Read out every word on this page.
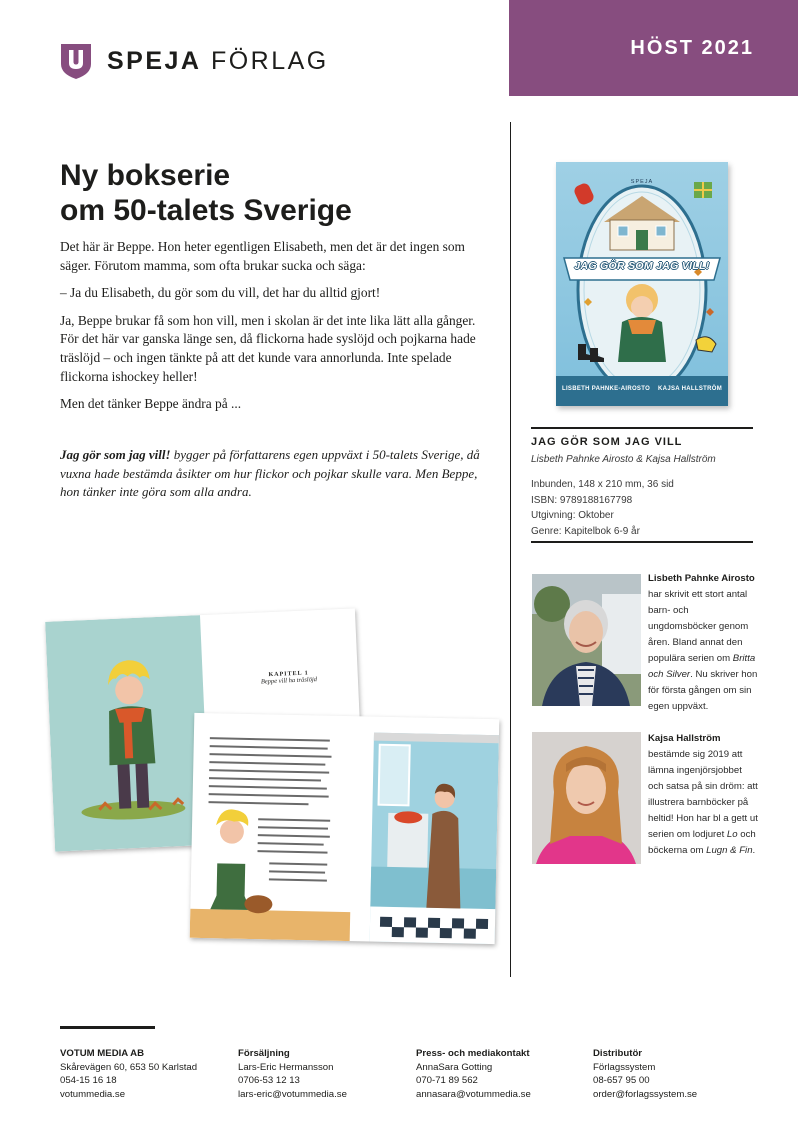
SPEJA FÖRLAG	HÖST 2021
Ny bokserie
om 50-talets Sverige

Det här är Beppe. Hon heter egentligen Elisabeth, men det är det ingen som säger. Förutom mamma, som ofta brukar sucka och säga:

– Ja du Elisabeth, du gör som du vill, det har du alltid gjort!

Ja, Beppe brukar få som hon vill, men i skolan är det inte lika lätt alla gånger. För det här var ganska länge sen, då flickorna hade syslöjd och pojkarna hade träslöjd – och ingen tänkte på att det kunde vara annorlunda. Inte spelade flickorna ishockey heller!

Men det tänker Beppe ändra på ...

Jag gör som jag vill! bygger på författarens egen uppväxt i 50-talets Sverige, då vuxna hade bestämda åsikter om hur flickor och pojkar skulle vara. Men Beppe, hon tänker inte göra som alla andra.

SPEJA
JAG GÖR SOM JAG VILL!
LISBETH PAHNKE-AIROSTO KAJSA HALLSTRÖM

JAG GÖR SOM JAG VILL

Lisbeth Pahnke Airosto & Kajsa Hallström

Inbunden, 148 x 210 mm, 36 sid
ISBN: 9789188167798
Utgivning: Oktober
Genre: Kapitelbok 6-9 år

Lisbeth Pahnke Airosto har skrivit ett stort antal barn- och ungdomsböcker genom åren. Bland annat den populära serien om Britta och Silver. Nu skriver hon för första gången om sin egen uppväxt.

Kajsa Hallström bestämde sig 2019 att lämna ingenjörsjobbet och satsa på sin dröm: att illustrera barnböcker på heltid! Hon har bl a gett ut serien om lodjuret Lo och böckerna om Lugn & Fin.

KAPITEL 1
Beppe vill ha träslöjd
VOTUM MEDIA AB
Skårevägen 60, 653 50 Karlstad
054-15 16 18
votummedia.se
Försäljning
Lars-Eric Hermansson
0706-53 12 13
lars-eric@votummedia.se
Press- och mediakontakt
AnnaSara Gotting
070-71 89 562
annasara@votummedia.se
Distributör
Förlagssystem
08-657 95 00
order@forlagssystem.se
